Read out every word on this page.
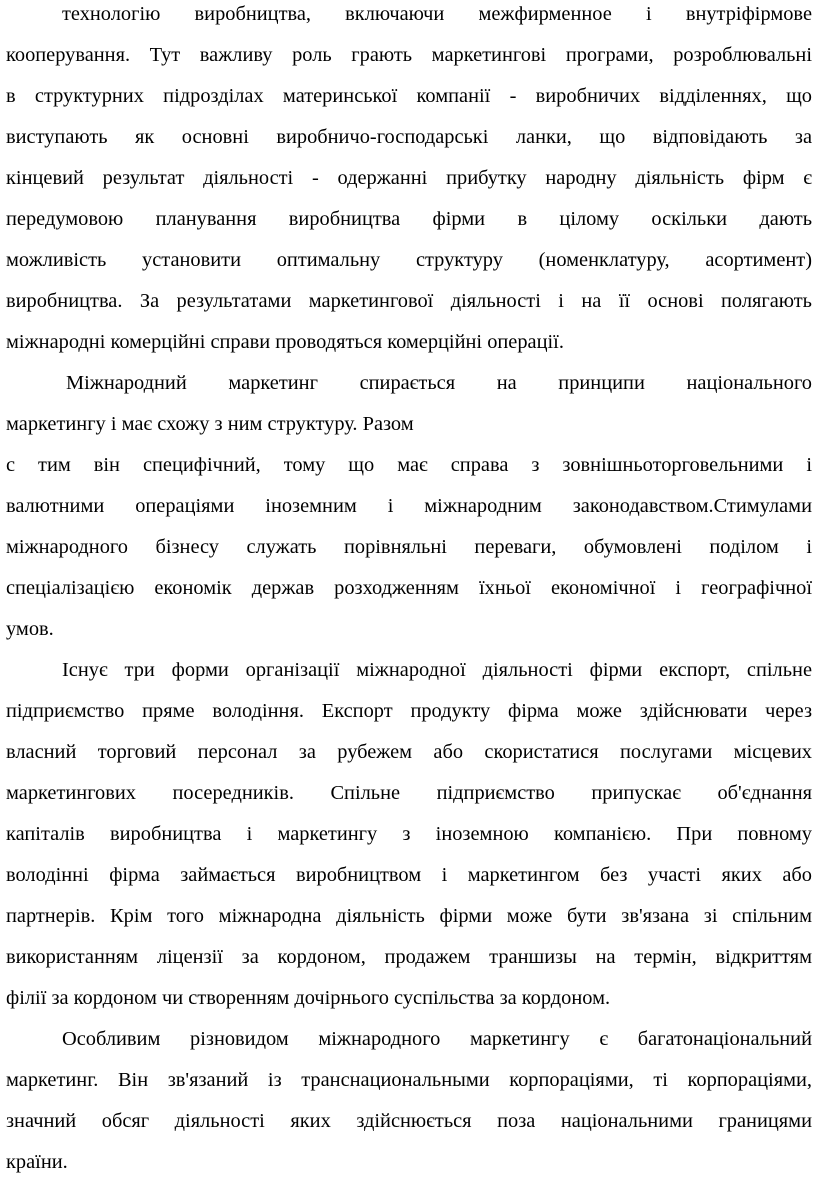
технологію виробництва, включаючи межфирменное і внутріфірмове
кооперування. Тут важливу роль грають маркетингові програми, розроблювальні
в структурних підрозділах материнської компанії - виробничих відділеннях, що
виступають як основні виробничо-господарські ланки, що відповідають за
кінцевий результат діяльності - одержанні прибутку народну діяльність фірм є
передумовою планування виробництва фірми в цілому оскільки дають
можливість установити оптимальну структуру (номенклатуру, асортимент)
виробництва. За результатами маркетингової діяльності і на її основі полягають
міжнародні комерційні справи проводяться комерційні операції.
Міжнародний маркетинг спирається на принципи національного
маркетингу і має схожу з ним структуру. Разом
с тим він специфічний, тому що має справа з зовнішньоторговельними і
валютними операціями іноземним і міжнародним законодавством.Стимулами
міжнародного бізнесу служать порівняльні переваги, обумовлені поділом і
спеціалізацією економік держав розходженням їхньої економічної і географічної
умов.
Існує три форми організації міжнародної діяльності фірми експорт, спільне
підприємство пряме володіння. Експорт продукту фірма може здійснювати через
власний торговий персонал за рубежем або скористатися послугами місцевих
маркетингових посередників. Спільне підприємство припускає об'єднання
капіталів виробництва і маркетингу з іноземною компанією. При повному
володінні фірма займається виробництвом і маркетингом без участі яких або
партнерів. Крім того міжнародна діяльність фірми може бути зв'язана зі спільним
використанням ліцензії за кордоном, продажем траншизы на термін, відкриттям
філії за кордоном чи створенням дочірнього суспільства за кордоном.
Особливим різновидом міжнародного маркетингу є багатонаціональний
маркетинг. Він зв'язаний із транснациональными корпораціями, ті корпораціями,
значний обсяг діяльності яких здійснюється поза національними границями
країни.
